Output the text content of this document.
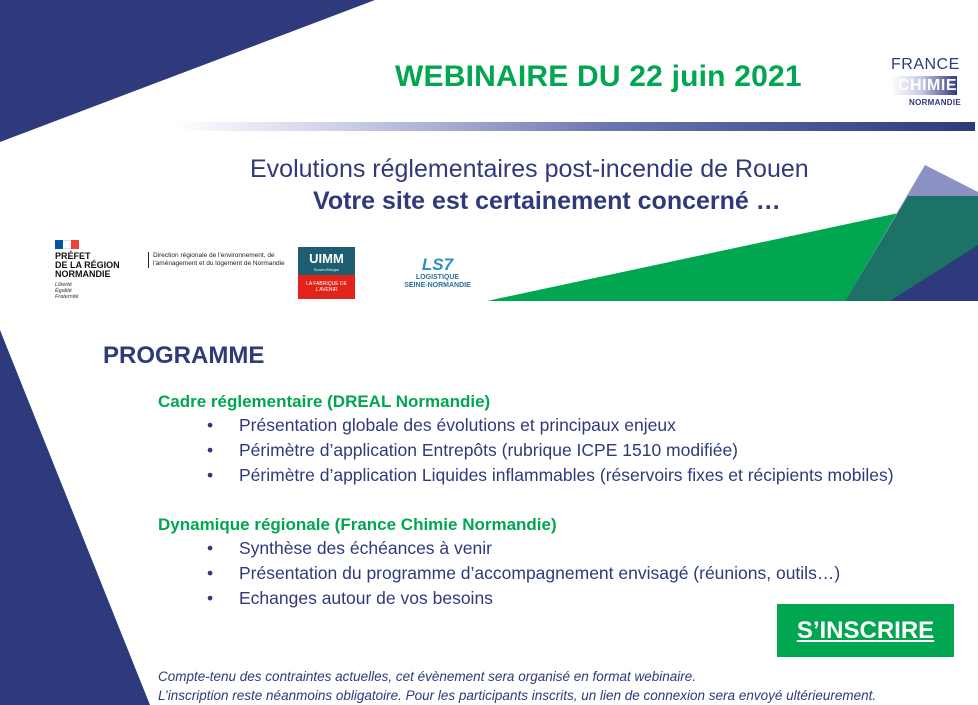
WEBINAIRE DU 22 juin 2021	FRANCE
CHIMIE
NORMANDIE
Evolutions réglementaires post-incendie de Rouen
Votre site est certainement concerné …
PRÉFET
DE LA RÉGION
NORMANDIE
Liberté
Égalité
Fraternité
Direction régionale de l'environnement, de l'aménagement et du logement de Normandie	UIMM
Rouen/Dieppe
LA FABRIQUE DE L'AVENIR
LS7
LOGISTIQUE
SEINE-NORMANDIE
PROGRAMME
Cadre réglementaire (DREAL Normandie)
• Présentation globale des évolutions et principaux enjeux
• Périmètre d’application Entrepôts (rubrique ICPE 1510 modifiée)
• Périmètre d’application Liquides inflammables (réservoirs fixes et récipients mobiles)
Dynamique régionale (France Chimie Normandie)
• Synthèse des échéances à venir
• Présentation du programme d’accompagnement envisagé (réunions, outils…)
• Echanges autour de vos besoins
S’INSCRIRE
Compte-tenu des contraintes actuelles, cet évènement sera organisé en format webinaire.
L’inscription reste néanmoins obligatoire. Pour les participants inscrits, un lien de connexion sera envoyé ultérieurement.
